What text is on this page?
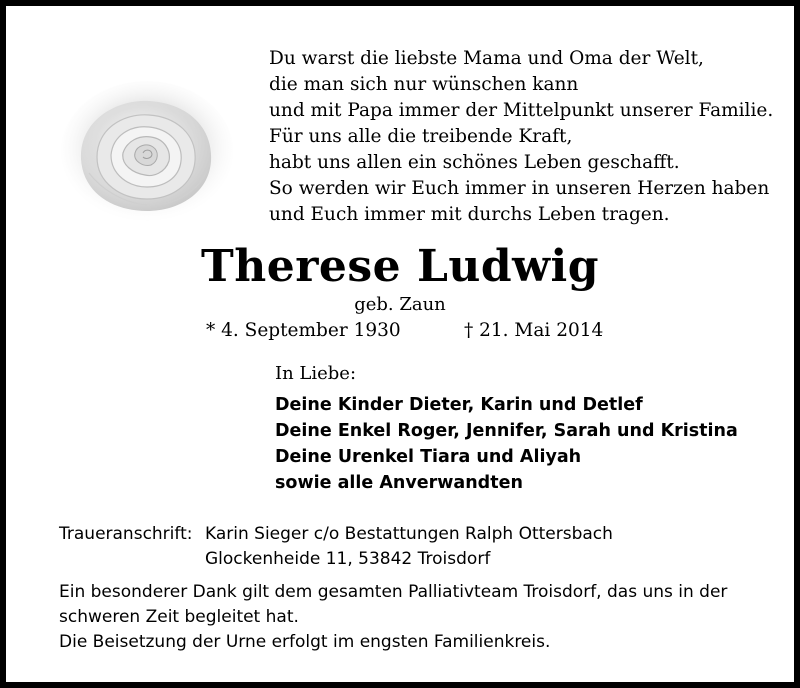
Du warst die liebste Mama und Oma der Welt,
die man sich nur wünschen kann
und mit Papa immer der Mittelpunkt unserer Familie.
Für uns alle die treibende Kraft,
habt uns allen ein schönes Leben geschafft.
So werden wir Euch immer in unseren Herzen haben
und Euch immer mit durchs Leben tragen.
Therese Ludwig
geb. Zaun
* 4. September 1930	† 21. Mai 2014
In Liebe:
Deine Kinder Dieter, Karin und Detlef
Deine Enkel Roger, Jennifer, Sarah und Kristina
Deine Urenkel Tiara und Aliyah
sowie alle Anverwandten
Traueranschrift: Karin Sieger c/o Bestattungen Ralph Ottersbach
Glockenheide 11, 53842 Troisdorf
Ein besonderer Dank gilt dem gesamten Palliativteam Troisdorf, das uns in der
schweren Zeit begleitet hat.
Die Beisetzung der Urne erfolgt im engsten Familienkreis.
